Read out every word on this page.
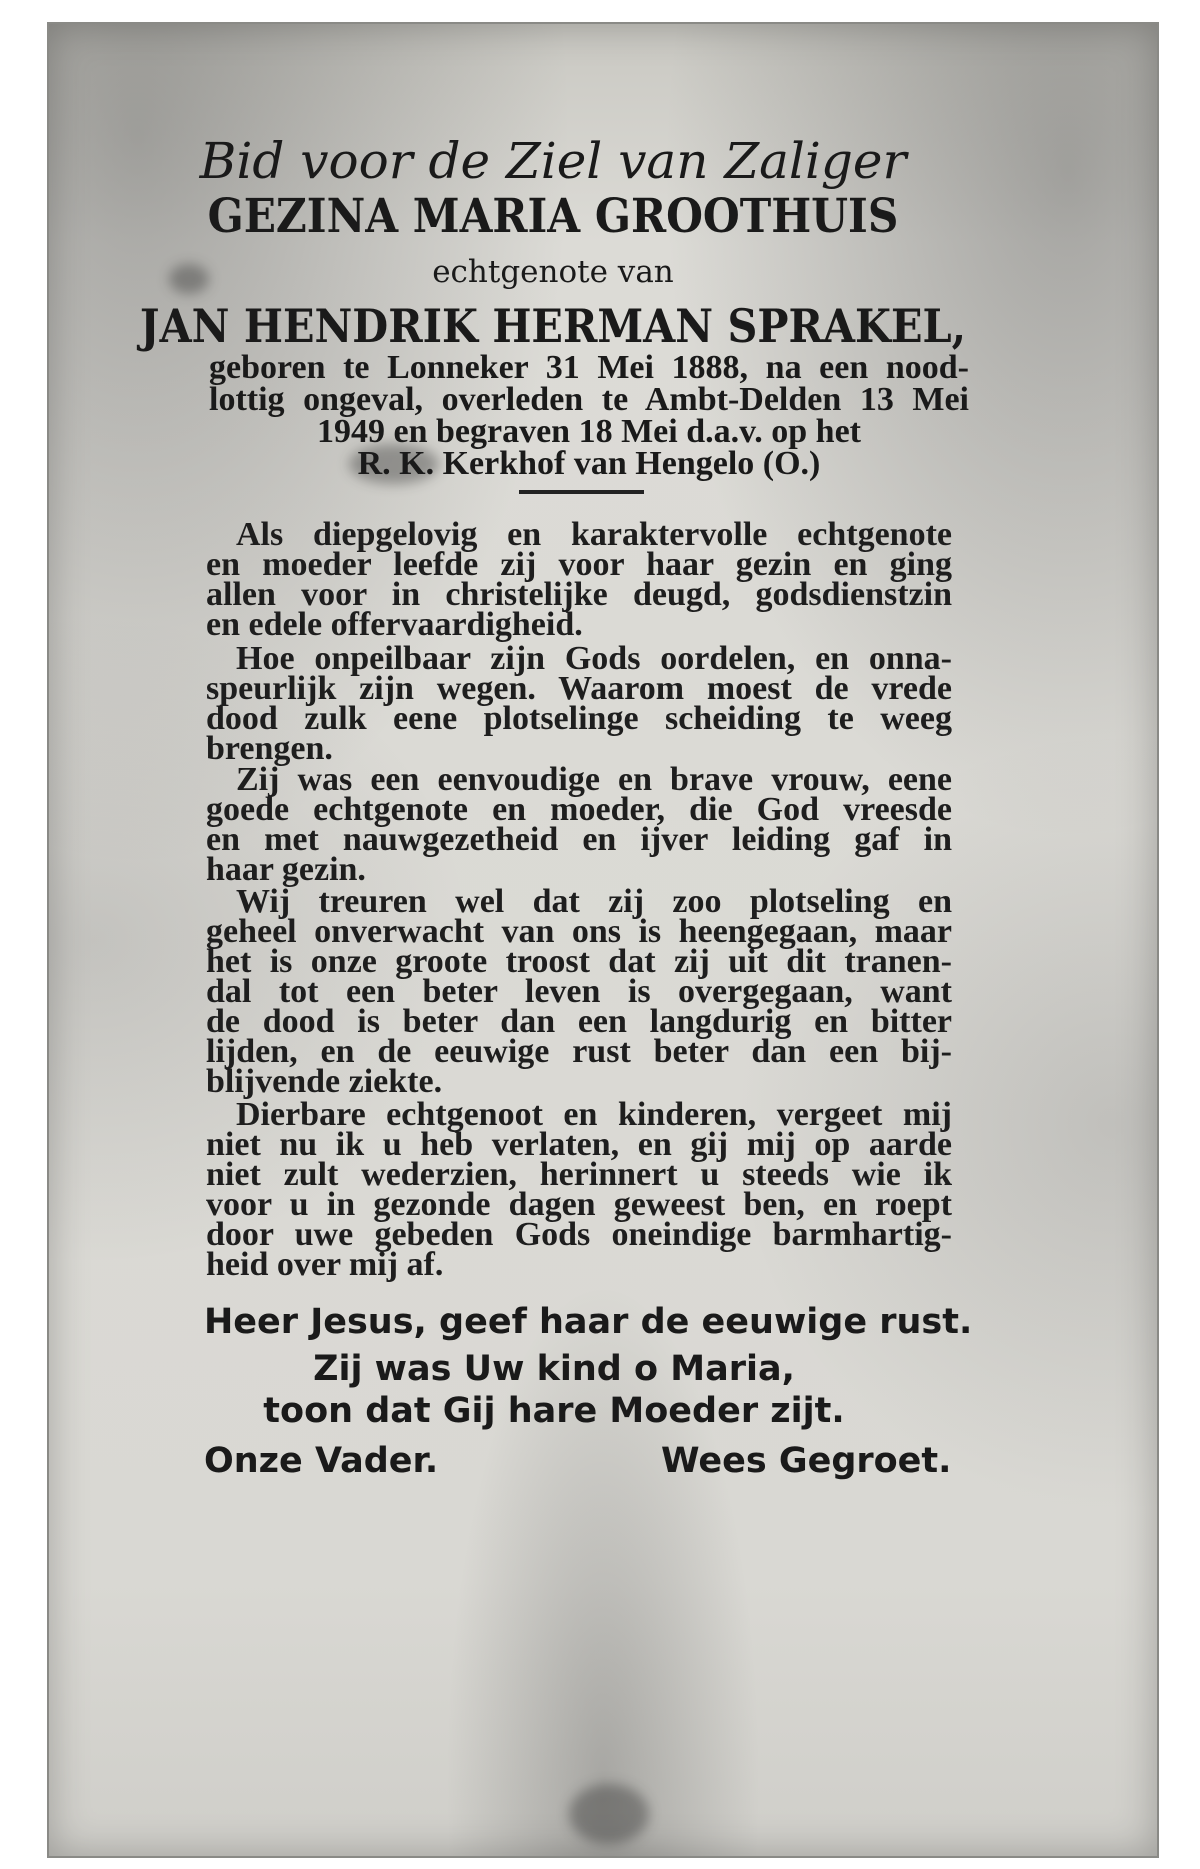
Bid voor de Ziel van Zaliger
GEZINA MARIA GROOTHUIS
echtgenote van
JAN HENDRIK HERMAN SPRAKEL,
geboren te Lonneker 31 Mei 1888, na een nood-
lottig ongeval, overleden te Ambt-Delden 13 Mei
1949 en begraven 18 Mei d.a.v. op het
R. K. Kerkhof van Hengelo (O.)
Als diepgelovig en karaktervolle echtgenote
en moeder leefde zij voor haar gezin en ging
allen voor in christelijke deugd, godsdienstzin
en edele offervaardigheid.
Hoe onpeilbaar zijn Gods oordelen, en onna-
speurlijk zijn wegen. Waarom moest de vrede
dood zulk eene plotselinge scheiding te weeg
brengen.
Zij was een eenvoudige en brave vrouw, eene
goede echtgenote en moeder, die God vreesde
en met nauwgezetheid en ijver leiding gaf in
haar gezin.
Wij treuren wel dat zij zoo plotseling en
geheel onverwacht van ons is heengegaan, maar
het is onze groote troost dat zij uit dit tranen-
dal tot een beter leven is overgegaan, want
de dood is beter dan een langdurig en bitter
lijden, en de eeuwige rust beter dan een bij-
blijvende ziekte.
Dierbare echtgenoot en kinderen, vergeet mij
niet nu ik u heb verlaten, en gij mij op aarde
niet zult wederzien, herinnert u steeds wie ik
voor u in gezonde dagen geweest ben, en roept
door uwe gebeden Gods oneindige barmhartig-
heid over mij af.
Heer Jesus, geef haar de eeuwige rust.
Zij was Uw kind o Maria,
toon dat Gij hare Moeder zijt.
Onze Vader.	Wees Gegroet.
